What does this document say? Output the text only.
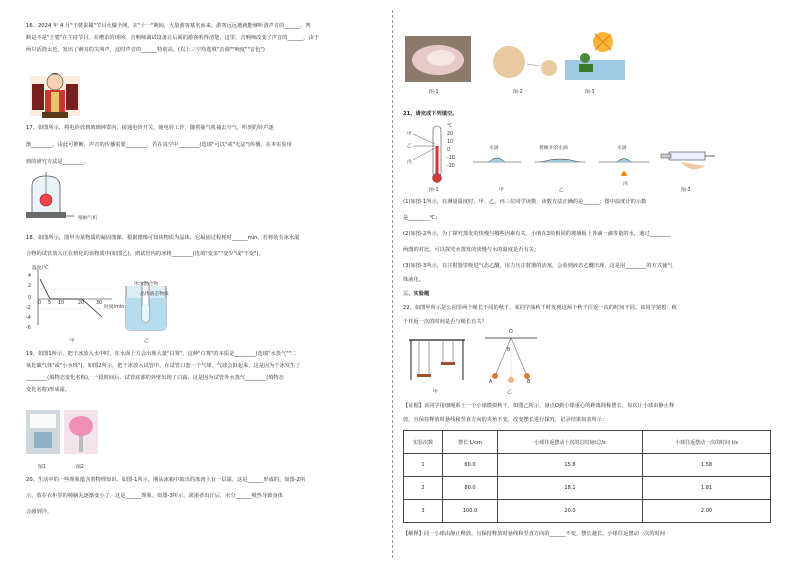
16、2024 年 4 月"王婆说媒"节目火爆全网。在"十一"期间，大量游客慕名而来，游客远远地就能够听清声音的______，判
断是不是"王婆"在主持节目。在嘈杂的现场，音响师调试设备让后面的游客听得清楚，这里，音响师改变了声音的______。由于
两只话筒太近，发出了刺耳的尖叫声，这时声音的______特别高。(以上三空均选填"音调""响度""音色")
17、如图所示，将电铃放到玻璃钟罩内，接通电铃开关，使电铃工作，随着抽气机抽去空气，听到的铃声逐
渐________，由此可推断，声音的传播需要________，若在真空中________(选填"可以"或"无法")传播，在本实验用
到的研究方法是________。
接抽气机
18、如图所示，图甲为某物质的凝固图像。根据图像可知该物质为晶体，它凝固过程耗时______min。若将装有冰水混
合物的试管放入正在熔化的该物质中(如图乙)，则试管内的冰将________(选填"变多""变少"或"不变")。
温度/℃
时间/min
4
2
0
-2
-4
-6
0 5 10	20 30
甲
冰水混合物
晶体液态物质
乙
19、如图1所示，把干冰放入水中时，在水面上方会出现大量"白雾"，这种"白雾"的本质是________(选填"水蒸气""二
氧化碳气体"或"小水珠")。如图2所示，把干冰放入试管中，在试管口套一个气球，气球会鼓起来，这是因为干冰发生了
________(填物态变化名称)，一段时间后，试管底部的外壁出现了白霜，这是因为试管外水蒸气________(填物态
变化名称)形成霜。
图1	图2
20、生活中的一些现象蕴含着物理知识。如图-1所示，刚从冰箱中取出的冻肉上有一层霜，这是______形成的。如图-2所
示，放在衣柜里的樟脑丸逐渐变小了，这是______现象。如图-3所示，滚滚者出汗后，水分______吸热导致身体
会感到冷。
图-1	图-2	图-3
21、请完成下列填空。
甲
乙
丙
℃
20
10
0
-10
-20
图-1
水滴	被摊开的水滴	水滴
甲	乙
丙
图-3
(1)如图-1所示，在测量温度时，甲、乙、丙三位同学读数，读数方法正确的是______；图中温度计的示数
是________℃；
(2)如图-2所示，为了探究蒸发的快慢与哪些因素有关，小明在3块相同的玻璃板上各滴一滴等量的水，通过________
两图的对比，可以探究水蒸发的快慢与水的温度是否有关；
(3)如图-3所示，在注射器里吸进气态乙醚，用力压注射器的活塞，会看到液态乙醚出现，这是用________的方式使气
体液化。
三、实验题
22、如图甲所示是公园里两个绳长不同的秋千，某同学荡秋千时发现这两个秋千往返一次的时间不同。该同学猜想：秋
千往返一次的时间是否与绳长有关？
甲
O
θ
A	B
乙
【证据】该同学用细绳系上一个小球模拟秋千，如图乙所示，悬点O到小球重心的距离简称摆长，每次让小球由静止释
放，且保持释放时悬线和竖直方向的夹角不变，改变摆长进行探究，记录结果如表所示：
实验次数	摆长 L/cm	小球往返摆动十次的总时间t总/s	小球往返摆动一次的时间 t/s
1	60.0	15.8	1.58
2	80.0	18.1	1.81
3	100.0	20.0	2.00
【解释】同一小球由静止释放，且保持释放时悬线和竖直方向的______不变，摆长越长，小球往返摆动一次的时间
